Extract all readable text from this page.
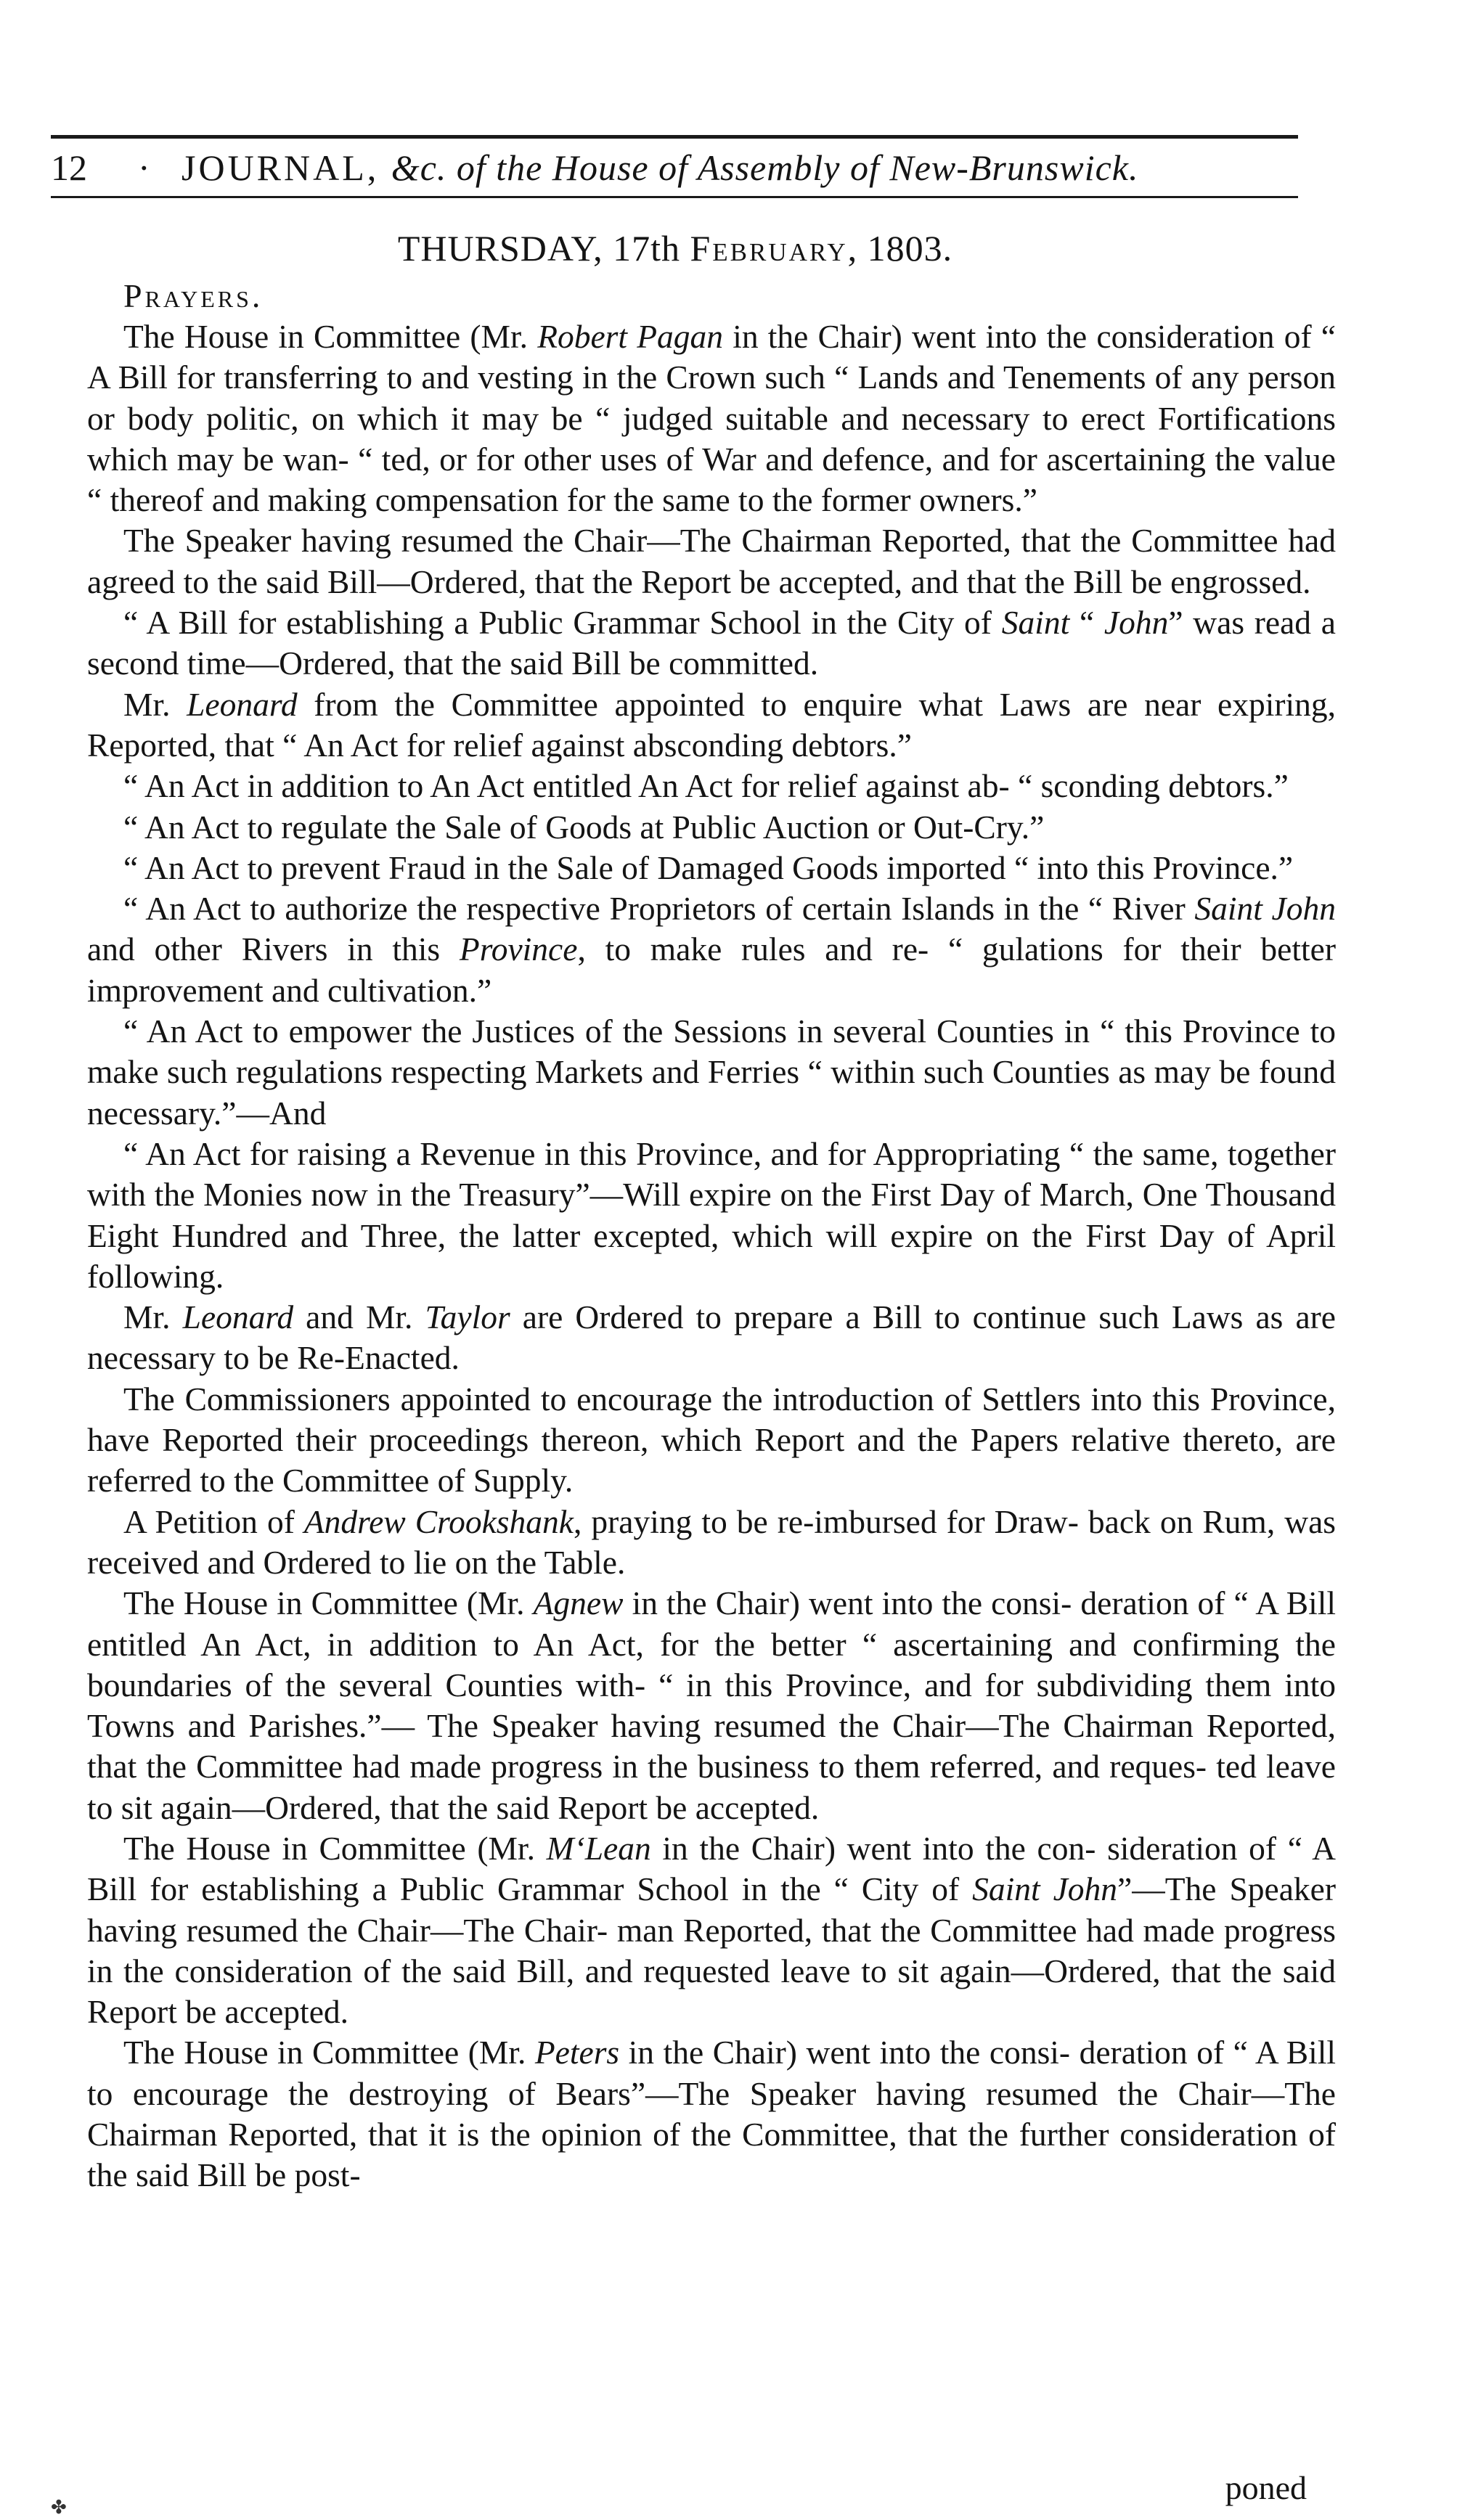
12 · JOURNAL, &c. of the House of Assembly of New-Brunswick.
THURSDAY, 17th February, 1803.
Prayers.

The House in Committee (Mr. Robert Pagan in the Chair) went into the consideration of “ A Bill for transferring to and vesting in the Crown such “ Lands and Tenements of any person or body politic, on which it may be “ judged suitable and necessary to erect Fortifications which may be wan- “ ted, or for other uses of War and defence, and for ascertaining the value “ thereof and making compensation for the same to the former owners.”

The Speaker having resumed the Chair—The Chairman Reported, that the Committee had agreed to the said Bill—Ordered, that the Report be accepted, and that the Bill be engrossed.

“ A Bill for establishing a Public Grammar School in the City of Saint “ John” was read a second time—Ordered, that the said Bill be committed.

Mr. Leonard from the Committee appointed to enquire what Laws are near expiring, Reported, that “ An Act for relief against absconding debtors.”

“ An Act in addition to An Act entitled An Act for relief against ab- “ sconding debtors.”

“ An Act to regulate the Sale of Goods at Public Auction or Out-Cry.”

“ An Act to prevent Fraud in the Sale of Damaged Goods imported “ into this Province.”

“ An Act to authorize the respective Proprietors of certain Islands in the “ River Saint John and other Rivers in this Province, to make rules and re- “ gulations for their better improvement and cultivation.”

“ An Act to empower the Justices of the Sessions in several Counties in “ this Province to make such regulations respecting Markets and Ferries “ within such Counties as may be found necessary.”—And

“ An Act for raising a Revenue in this Province, and for Appropriating “ the same, together with the Monies now in the Treasury”—Will expire on the First Day of March, One Thousand Eight Hundred and Three, the latter excepted, which will expire on the First Day of April following.

Mr. Leonard and Mr. Taylor are Ordered to prepare a Bill to continue such Laws as are necessary to be Re-Enacted.

The Commissioners appointed to encourage the introduction of Settlers into this Province, have Reported their proceedings thereon, which Report and the Papers relative thereto, are referred to the Committee of Supply.

A Petition of Andrew Crookshank, praying to be re-imbursed for Draw- back on Rum, was received and Ordered to lie on the Table.

The House in Committee (Mr. Agnew in the Chair) went into the consi- deration of “ A Bill entitled An Act, in addition to An Act, for the better “ ascertaining and confirming the boundaries of the several Counties with- “ in this Province, and for subdividing them into Towns and Parishes.”— The Speaker having resumed the Chair—The Chairman Reported, that the Committee had made progress in the business to them referred, and reques- ted leave to sit again—Ordered, that the said Report be accepted.

The House in Committee (Mr. M‘Lean in the Chair) went into the con- sideration of “ A Bill for establishing a Public Grammar School in the “ City of Saint John”—The Speaker having resumed the Chair—The Chair- man Reported, that the Committee had made progress in the consideration of the said Bill, and requested leave to sit again—Ordered, that the said Report be accepted.

The House in Committee (Mr. Peters in the Chair) went into the consi- deration of “ A Bill to encourage the destroying of Bears”—The Speaker having resumed the Chair—The Chairman Reported, that it is the opinion of the Committee, that the further consideration of the said Bill be post-

poned
✤
